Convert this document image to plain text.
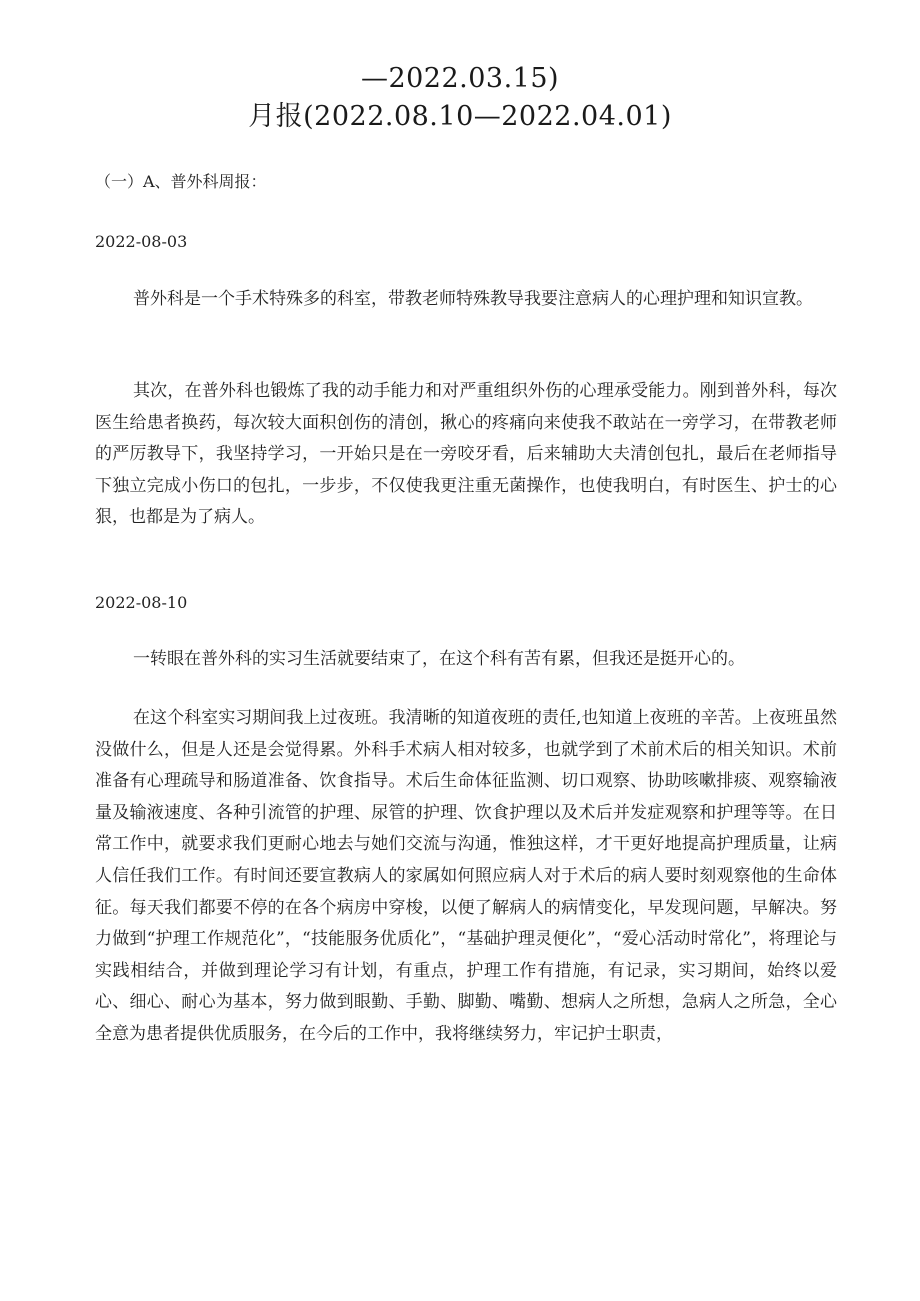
—2022.03.15)
月报(2022.08.10—2022.04.01)
（一）A、普外科周报：
2022-08-03

普外科是一个手术特殊多的科室，带教老师特殊教导我要注意病人的心理护理和知识宣教。

其次，在普外科也锻炼了我的动手能力和对严重组织外伤的心理承受能力。刚到普外科，每次医生给患者换药，每次较大面积创伤的清创，揪心的疼痛向来使我不敢站在一旁学习，在带教老师的严厉教导下，我坚持学习，一开始只是在一旁咬牙看，后来辅助大夫清创包扎，最后在老师指导下独立完成小伤口的包扎，一步步，不仅使我更注重无菌操作，也使我明白，有时医生、护士的心狠，也都是为了病人。

2022-08-10

一转眼在普外科的实习生活就要结束了，在这个科有苦有累，但我还是挺开心的。

在这个科室实习期间我上过夜班。我清晰的知道夜班的责任,也知道上夜班的辛苦。上夜班虽然没做什么，但是人还是会觉得累。外科手术病人相对较多，也就学到了术前术后的相关知识。术前准备有心理疏导和肠道准备、饮食指导。术后生命体征监测、切口观察、协助咳嗽排痰、观察输液量及输液速度、各种引流管的护理、尿管的护理、饮食护理以及术后并发症观察和护理等等。在日常工作中，就要求我们更耐心地去与她们交流与沟通，惟独这样，才干更好地提高护理质量，让病人信任我们工作。有时间还要宣教病人的家属如何照应病人对于术后的病人要时刻观察他的生命体征。每天我们都要不停的在各个病房中穿梭，以便了解病人的病情变化，早发现问题，早解决。努力做到“护理工作规范化”，“技能服务优质化”，“基础护理灵便化”，“爱心活动时常化”，将理论与实践相结合，并做到理论学习有计划，有重点，护理工作有措施，有记录，实习期间，始终以爱心、细心、耐心为基本，努力做到眼勤、手勤、脚勤、嘴勤、想病人之所想，急病人之所急，全心全意为患者提供优质服务，在今后的工作中，我将继续努力，牢记护士职责，
